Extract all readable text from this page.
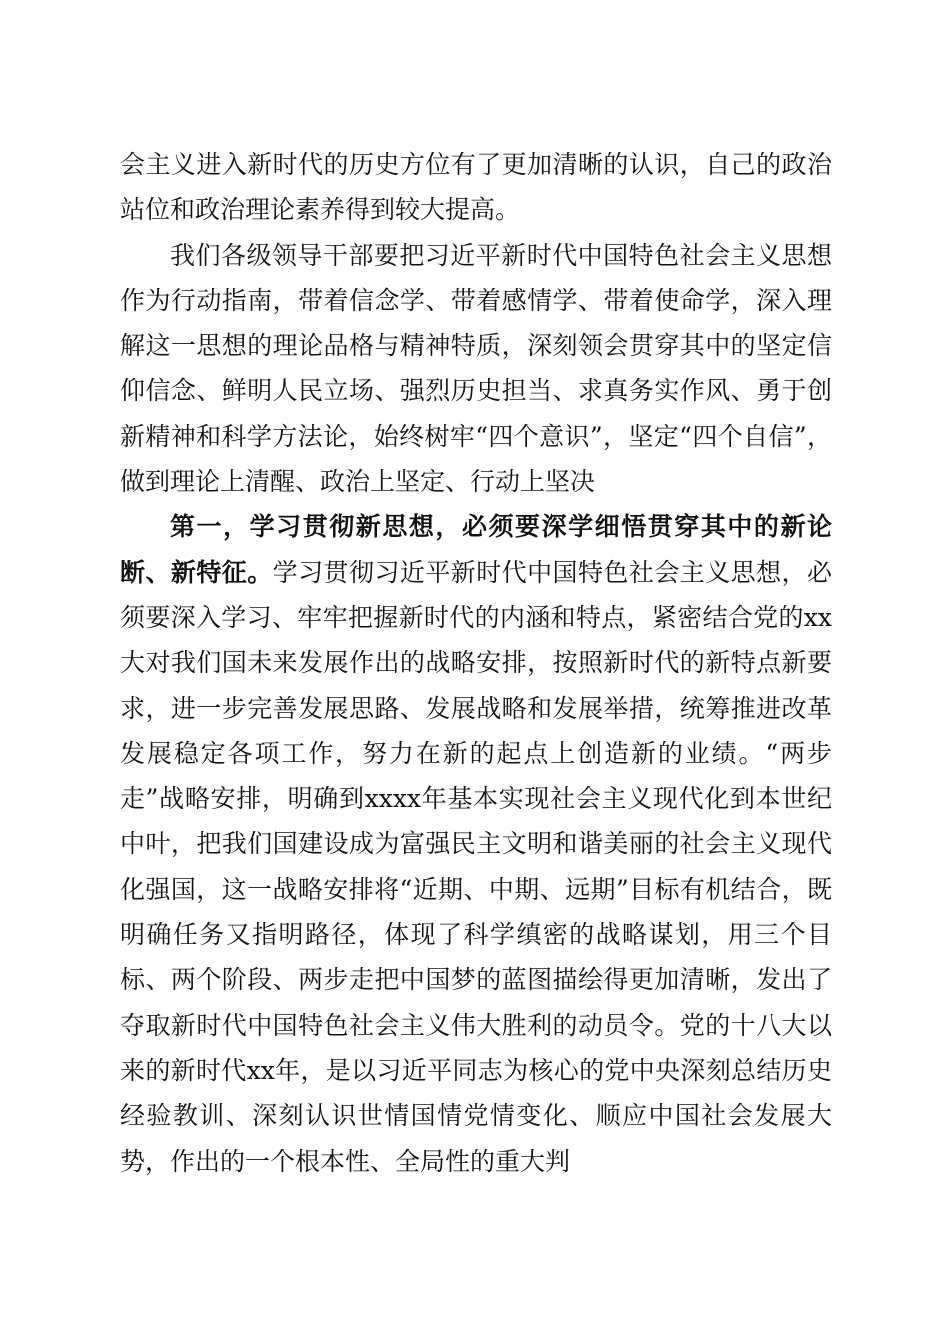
会主义进入新时代的历史方位有了更加清晰的认识，自己的政治站位和政治理论素养得到较大提高。

我们各级领导干部要把习近平新时代中国特色社会主义思想作为行动指南，带着信念学、带着感情学、带着使命学，深入理解这一思想的理论品格与精神特质，深刻领会贯穿其中的坚定信仰信念、鲜明人民立场、强烈历史担当、求真务实作风、勇于创新精神和科学方法论，始终树牢“四个意识”，坚定“四个自信”，做到理论上清醒、政治上坚定、行动上坚决

第一，学习贯彻新思想，必须要深学细悟贯穿其中的新论断、新特征。学习贯彻习近平新时代中国特色社会主义思想，必须要深入学习、牢牢把握新时代的内涵和特点，紧密结合党的xx大对我们国未来发展作出的战略安排，按照新时代的新特点新要求，进一步完善发展思路、发展战略和发展举措，统筹推进改革发展稳定各项工作，努力在新的起点上创造新的业绩。“两步走”战略安排，明确到xxxx年基本实现社会主义现代化到本世纪中叶，把我们国建设成为富强民主文明和谐美丽的社会主义现代化强国，这一战略安排将“近期、中期、远期”目标有机结合，既明确任务又指明路径，体现了科学缜密的战略谋划，用三个目标、两个阶段、两步走把中国梦的蓝图描绘得更加清晰，发出了夺取新时代中国特色社会主义伟大胜利的动员令。党的十八大以来的新时代xx年，是以习近平同志为核心的党中央深刻总结历史经验教训、深刻认识世情国情党情变化、顺应中国社会发展大势，作出的一个根本性、全局性的重大判
